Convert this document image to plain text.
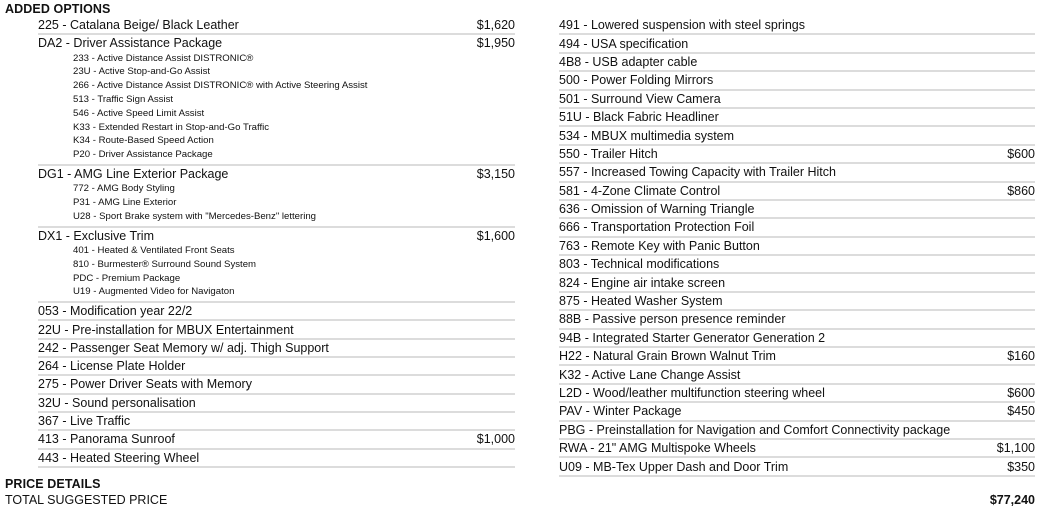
ADDED OPTIONS
225 - Catalana Beige/ Black Leather	$1,620
DA2 - Driver Assistance Package	$1,950
233 - Active Distance Assist DISTRONIC®
23U - Active Stop-and-Go Assist
266 - Active Distance Assist DISTRONIC® with Active Steering Assist
513 - Traffic Sign Assist
546 - Active Speed Limit Assist
K33 - Extended Restart in Stop-and-Go Traffic
K34 - Route-Based Speed Action
P20 - Driver Assistance Package
DG1 - AMG Line Exterior Package	$3,150
772 - AMG Body Styling
P31 - AMG Line Exterior
U28 - Sport Brake system with "Mercedes-Benz" lettering
DX1 - Exclusive Trim	$1,600
401 - Heated & Ventilated Front Seats
810 - Burmester® Surround Sound System
PDC - Premium Package
U19 - Augmented Video for Navigaton
053 - Modification year 22/2
22U - Pre-installation for MBUX Entertainment
242 - Passenger Seat Memory w/ adj. Thigh Support
264 - License Plate Holder
275 - Power Driver Seats with Memory
32U - Sound personalisation
367 - Live Traffic
413 - Panorama Sunroof	$1,000
443 - Heated Steering Wheel
491 - Lowered suspension with steel springs
494 - USA specification
4B8 - USB adapter cable
500 - Power Folding Mirrors
501 - Surround View Camera
51U - Black Fabric Headliner
534 - MBUX multimedia system
550 - Trailer Hitch	$600
557 - Increased Towing Capacity with Trailer Hitch
581 - 4-Zone Climate Control	$860
636 - Omission of Warning Triangle
666 - Transportation Protection Foil
763 - Remote Key with Panic Button
803 - Technical modifications
824 - Engine air intake screen
875 - Heated Washer System
88B - Passive person presence reminder
94B - Integrated Starter Generator Generation 2
H22 - Natural Grain Brown Walnut Trim	$160
K32 - Active Lane Change Assist
L2D - Wood/leather multifunction steering wheel	$600
PAV - Winter Package	$450
PBG - Preinstallation for Navigation and Comfort Connectivity package
RWA - 21" AMG Multispoke Wheels	$1,100
U09 - MB-Tex Upper Dash and Door Trim	$350
PRICE DETAILS
TOTAL SUGGESTED PRICE	$77,240
